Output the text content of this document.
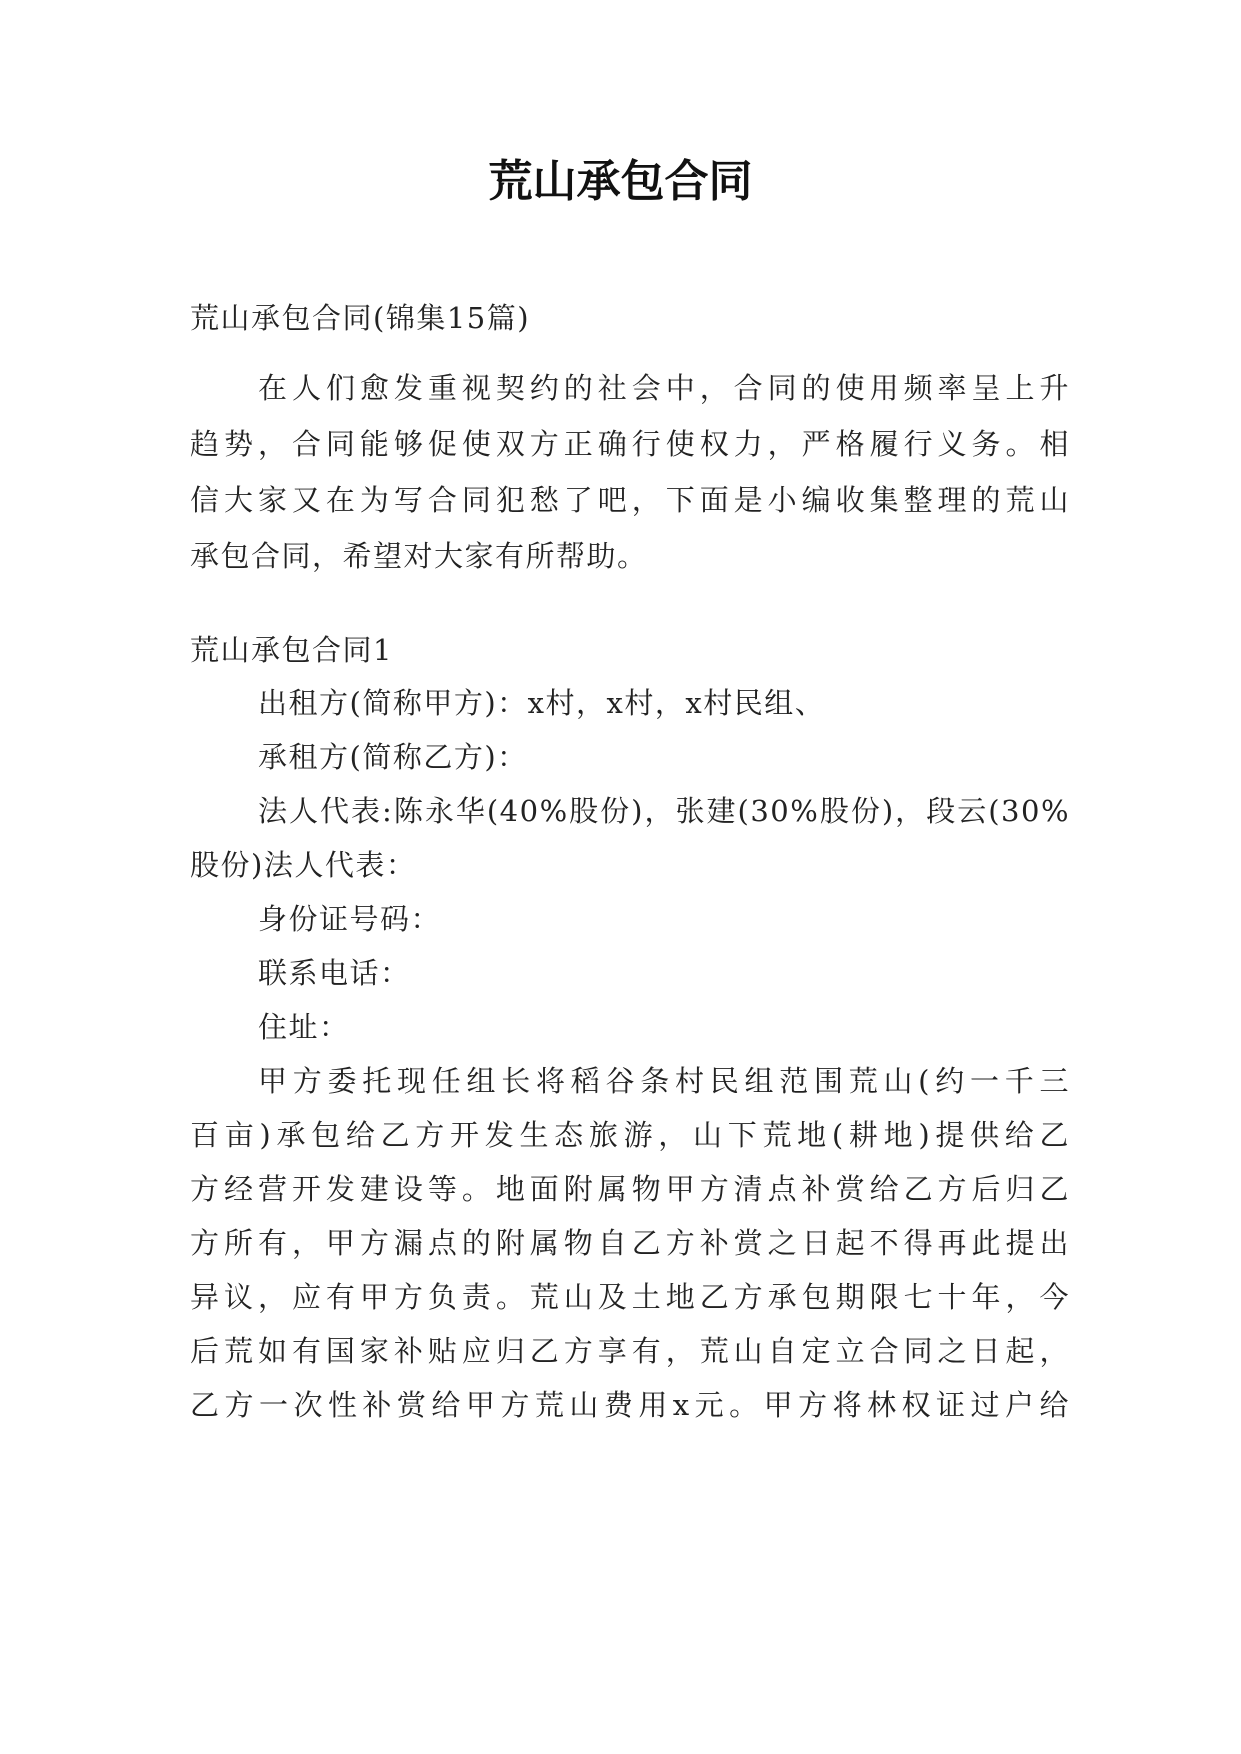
荒山承包合同

荒山承包合同(锦集15篇)

在人们愈发重视契约的社会中，合同的使用频率呈上升

趋势，合同能够促使双方正确行使权力，严格履行义务。相

信大家又在为写合同犯愁了吧，下面是小编收集整理的荒山

承包合同，希望对大家有所帮助。

荒山承包合同1

出租方(简称甲方)：x村，x村，x村民组、

承租方(简称乙方)：

法人代表:陈永华(40%股份)，张建(30%股份)，段云(30%

股份)法人代表：

身份证号码：

联系电话：

住址：

甲方委托现任组长将稻谷条村民组范围荒山(约一千三

百亩)承包给乙方开发生态旅游，山下荒地(耕地)提供给乙

方经营开发建设等。地面附属物甲方清点补赏给乙方后归乙

方所有，甲方漏点的附属物自乙方补赏之日起不得再此提出

异议，应有甲方负责。荒山及土地乙方承包期限七十年，今

后荒如有国家补贴应归乙方享有，荒山自定立合同之日起，

乙方一次性补赏给甲方荒山费用x元。甲方将林权证过户给
